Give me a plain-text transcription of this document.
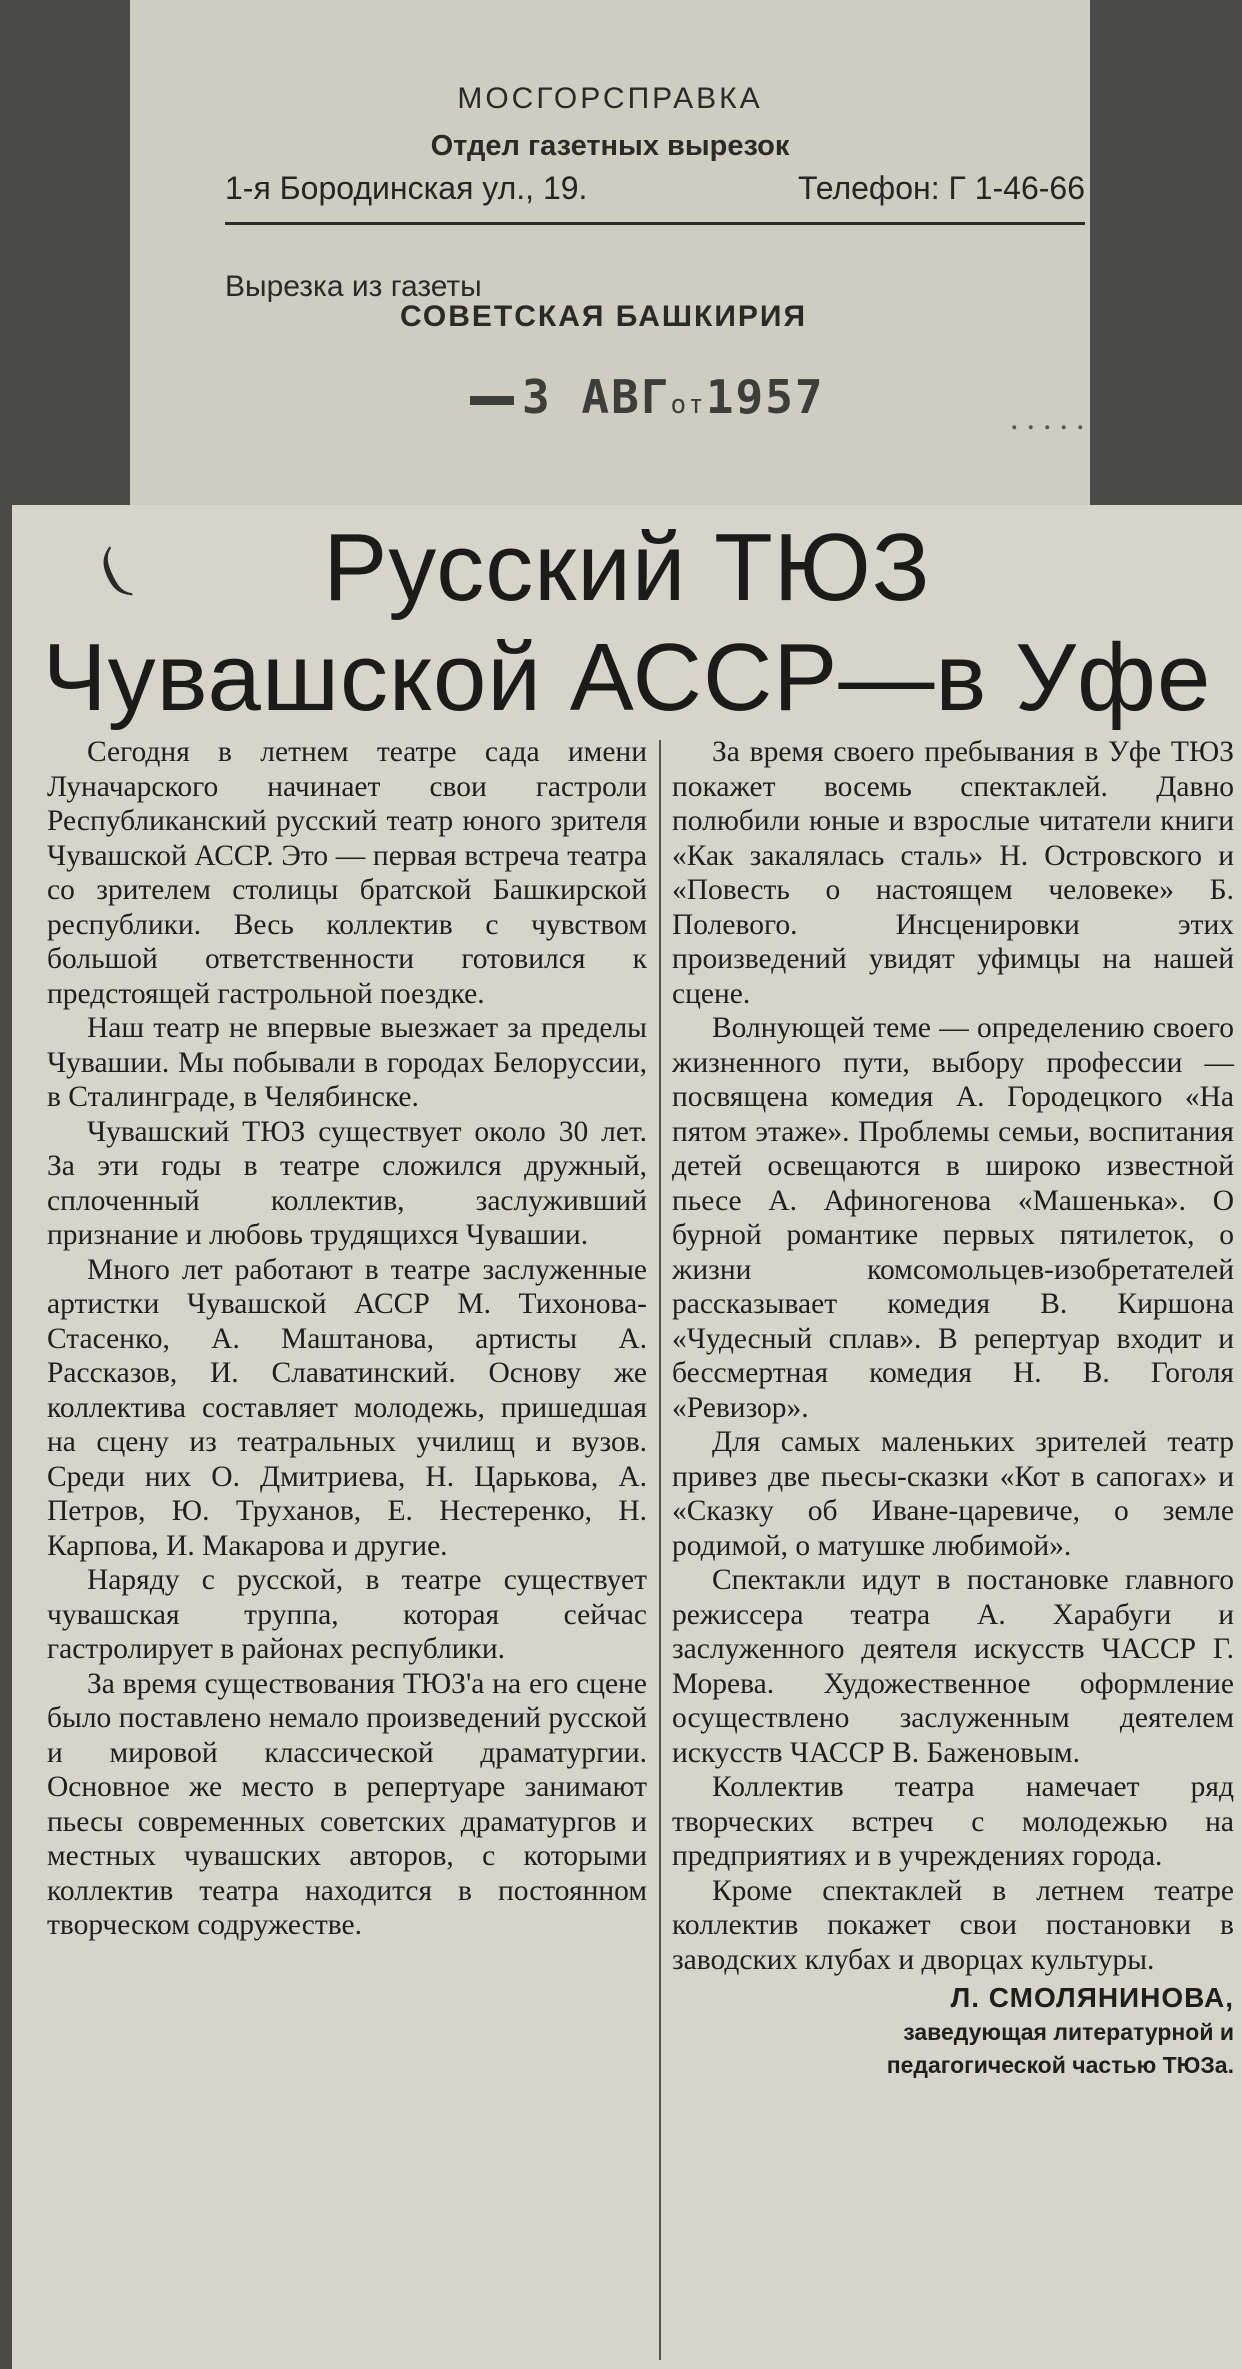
МОСГОРСПРАВКА
Отдел газетных вырезок
1-я Бородинская ул., 19.	Телефон: Г 1-46-66
Вырезка из газеты
СОВЕТСКАЯ БАШКИРИЯ
3 АВГот1957	.....
(	Русский ТЮЗ
Чувашской АССР—в Уфе

Сегодня в летнем театре сада имени Луначарского начинает свои гастроли Республиканский русский театр юного зрителя Чувашской АССР. Это — первая встреча театра со зрителем столицы братской Башкирской республики. Весь коллектив с чувством большой ответственности готовился к предстоящей гастрольной поездке.

Наш театр не впервые выезжает за пределы Чувашии. Мы побывали в городах Белоруссии, в Сталинграде, в Челябинске.

Чувашский ТЮЗ существует около 30 лет. За эти годы в театре сложился дружный, сплоченный коллектив, заслуживший признание и любовь трудящихся Чувашии.

Много лет работают в театре заслуженные артистки Чувашской АССР М. Тихонова-Стасенко, А. Маштанова, артисты А. Рассказов, И. Славатинский. Основу же коллектива составляет молодежь, пришедшая на сцену из театральных училищ и вузов. Среди них О. Дмитриева, Н. Царькова, А. Петров, Ю. Труханов, Е. Нестеренко, Н. Карпова, И. Макарова и другие.

Наряду с русской, в театре существует чувашская труппа, которая сейчас гастролирует в районах республики.

За время существования ТЮЗ'а на его сцене было поставлено немало произведений русской и мировой классической драматургии. Основное же место в репертуаре занимают пьесы современных советских драматургов и местных чувашских авторов, с которыми коллектив театра находится в постоянном творческом содружестве.

За время своего пребывания в Уфе ТЮЗ покажет восемь спектаклей. Давно полюбили юные и взрослые читатели книги «Как закалялась сталь» Н. Островского и «Повесть о настоящем человеке» Б. Полевого. Инсценировки этих произведений увидят уфимцы на нашей сцене.

Волнующей теме — определению своего жизненного пути, выбору профессии — посвящена комедия А. Городецкого «На пятом этаже». Проблемы семьи, воспитания детей освещаются в широко известной пьесе А. Афиногенова «Машенька». О бурной романтике первых пятилеток, о жизни комсомольцев-изобретателей рассказывает комедия В. Киршона «Чудесный сплав». В репертуар входит и бессмертная комедия Н. В. Гоголя «Ревизор».

Для самых маленьких зрителей театр привез две пьесы-сказки «Кот в сапогах» и «Сказку об Иване-царевиче, о земле родимой, о матушке любимой».

Спектакли идут в постановке главного режиссера театра А. Харабуги и заслуженного деятеля искусств ЧАССР Г. Морева. Художественное оформление осуществлено заслуженным деятелем искусств ЧАССР В. Баженовым.

Коллектив театра намечает ряд творческих встреч с молодежью на предприятиях и в учреждениях города.

Кроме спектаклей в летнем театре коллектив покажет свои постановки в заводских клубах и дворцах культуры.

Л. СМОЛЯНИНОВА,
заведующая литературной и
педагогической частью ТЮЗа.
